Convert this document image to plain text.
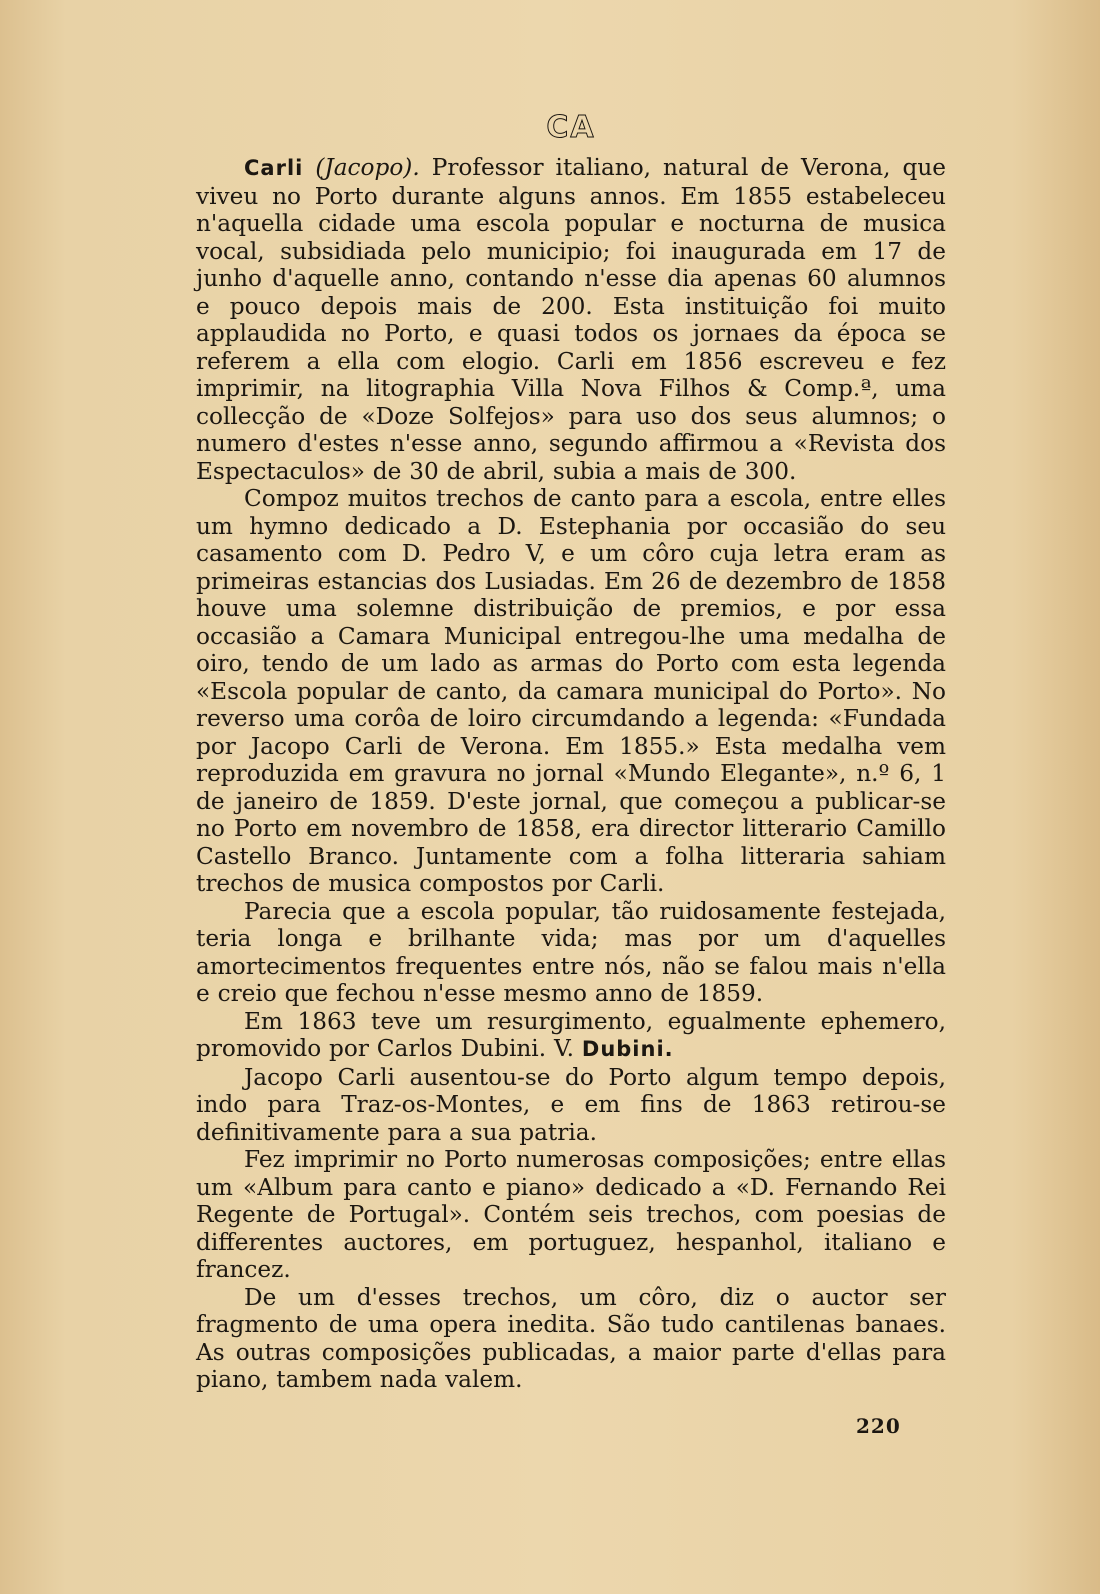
CA

Carli (Jacopo). Professor italiano, natural de Verona, que viveu no Porto durante alguns annos. Em 1855 estabeleceu n'aquella cidade uma escola popular e nocturna de musica vocal, subsidiada pelo municipio; foi inaugurada em 17 de junho d'aquelle anno, contando n'esse dia apenas 60 alumnos e pouco depois mais de 200. Esta instituição foi muito applaudida no Porto, e quasi todos os jornaes da época se referem a ella com elogio. Carli em 1856 escreveu e fez imprimir, na litographia Villa Nova Filhos & Comp.ª, uma collecção de «Doze Solfejos» para uso dos seus alumnos; o numero d'estes n'esse anno, segundo affirmou a «Revista dos Espectaculos» de 30 de abril, subia a mais de 300.

Compoz muitos trechos de canto para a escola, entre elles um hymno dedicado a D. Estephania por occasião do seu casamento com D. Pedro V, e um côro cuja letra eram as primeiras estancias dos Lusiadas. Em 26 de dezembro de 1858 houve uma solemne distribuição de premios, e por essa occasião a Camara Municipal entregou-lhe uma medalha de oiro, tendo de um lado as armas do Porto com esta legenda «Escola popular de canto, da camara municipal do Porto». No reverso uma corôa de loiro circumdando a legenda: «Fundada por Jacopo Carli de Verona. Em 1855.» Esta medalha vem reproduzida em gravura no jornal «Mundo Elegante», n.º 6, 1 de janeiro de 1859. D'este jornal, que começou a publicar-se no Porto em novembro de 1858, era director litterario Camillo Castello Branco. Juntamente com a folha litteraria sahiam trechos de musica compostos por Carli.

Parecia que a escola popular, tão ruidosamente festejada, teria longa e brilhante vida; mas por um d'aquelles amortecimentos frequentes entre nós, não se falou mais n'ella e creio que fechou n'esse mesmo anno de 1859.

Em 1863 teve um resurgimento, egualmente ephemero, promovido por Carlos Dubini. V. Dubini.

Jacopo Carli ausentou-se do Porto algum tempo depois, indo para Traz-os-Montes, e em fins de 1863 retirou-se definitivamente para a sua patria.

Fez imprimir no Porto numerosas composições; entre ellas um «Album para canto e piano» dedicado a «D. Fernando Rei Regente de Portugal». Contém seis trechos, com poesias de differentes auctores, em portuguez, hespanhol, italiano e francez.

De um d'esses trechos, um côro, diz o auctor ser fragmento de uma opera inedita. São tudo cantilenas banaes. As outras composições publicadas, a maior parte d'ellas para piano, tambem nada valem.

220
